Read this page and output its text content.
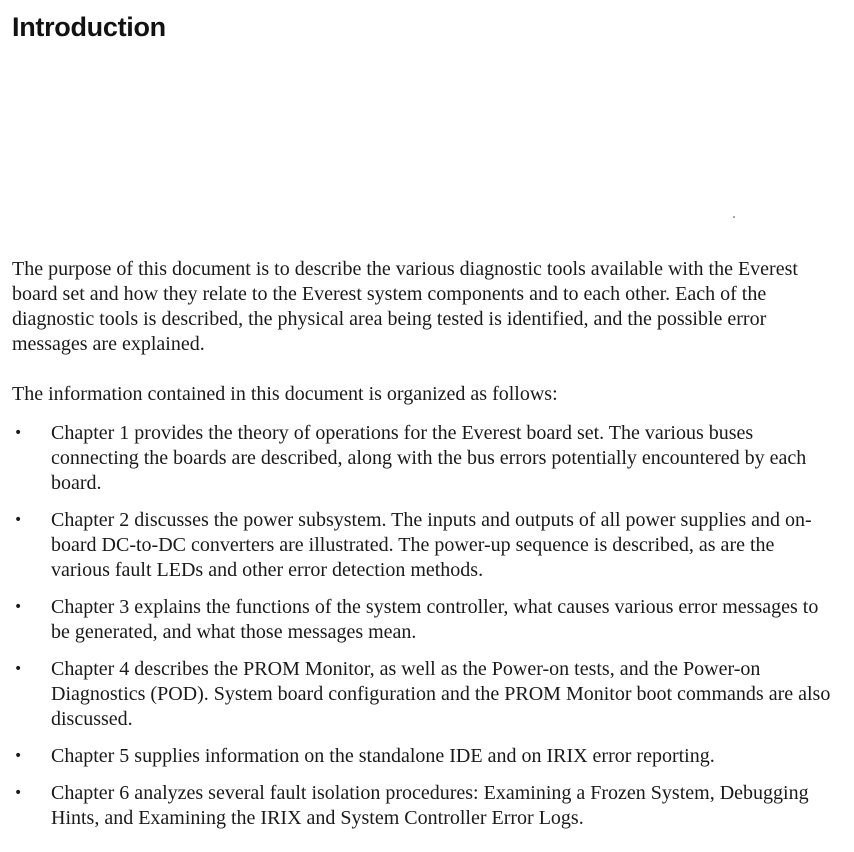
Introduction

The purpose of this document is to describe the various diagnostic tools available with the Everest board set and how they relate to the Everest system components and to each other. Each of the diagnostic tools is described, the physical area being tested is identified, and the possible error messages are explained.

The information contained in this document is organized as follows:

• Chapter 1 provides the theory of operations for the Everest board set. The various buses connecting the boards are described, along with the bus errors potentially encountered by each board.
• Chapter 2 discusses the power subsystem. The inputs and outputs of all power supplies and on-board DC-to-DC converters are illustrated. The power-up sequence is described, as are the various fault LEDs and other error detection methods.
• Chapter 3 explains the functions of the system controller, what causes various error messages to be generated, and what those messages mean.
• Chapter 4 describes the PROM Monitor, as well as the Power-on tests, and the Power-on Diagnostics (POD). System board configuration and the PROM Monitor boot commands are also discussed.
• Chapter 5 supplies information on the standalone IDE and on IRIX error reporting.
• Chapter 6 analyzes several fault isolation procedures: Examining a Frozen System, Debugging Hints, and Examining the IRIX and System Controller Error Logs.
